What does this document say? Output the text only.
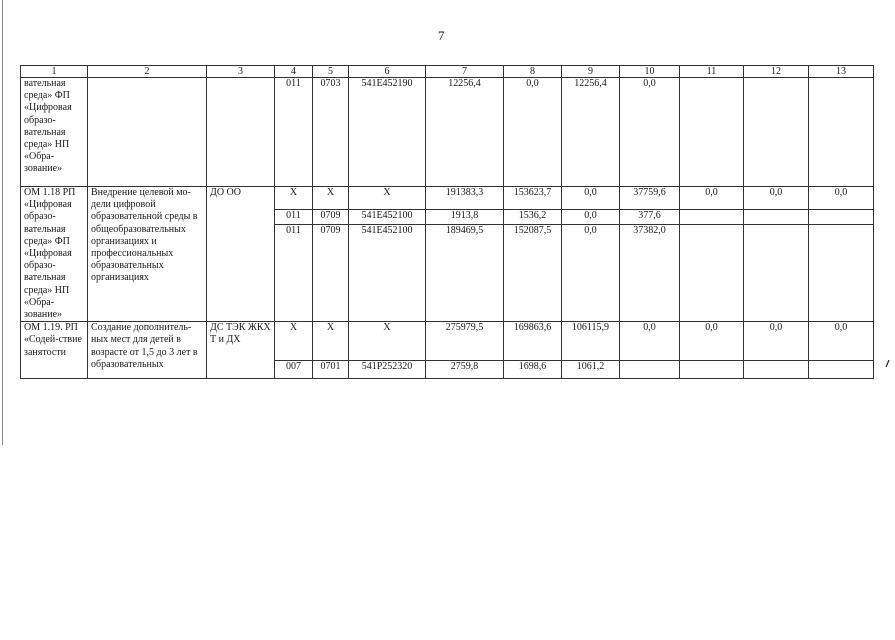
7
1	2	3	4	5	6	7	8	9	10	11	12	13
вательная среда» ФП «Цифровая образо-вательная среда» НП «Обра-зование»			011	0703	541E452190	12256,4	0,0	12256,4	0,0			
ОМ 1.18 РП «Цифровая образо-вательная среда» ФП «Цифровая образо-вательная среда» НП «Обра-зование»	Внедрение целевой мо-дели цифровой образовательной среды в общеобразовательных организациях и профессиональных образовательных организациях	ДО ОО	Х	Х	Х	191383,3	153623,7	0,0	37759,6	0,0	0,0	0,0
			011	0709	541E452100	1913,8	1536,2	0,0	377,6			
			011	0709	541E452100	189469,5	152087,5	0,0	37382,0			
ОМ 1.19. РП «Содей-ствие занятости	Создание дополнитель-ных мест для детей в возрасте от 1,5 до 3 лет в образовательных	ДС ТЭК ЖКХ Т и ДХ	Х	Х	Х	275979,5	169863,6	106115,9	0,0	0,0	0,0	0,0
			007	0701	541P252320	2759,8	1698,6	1061,2				
